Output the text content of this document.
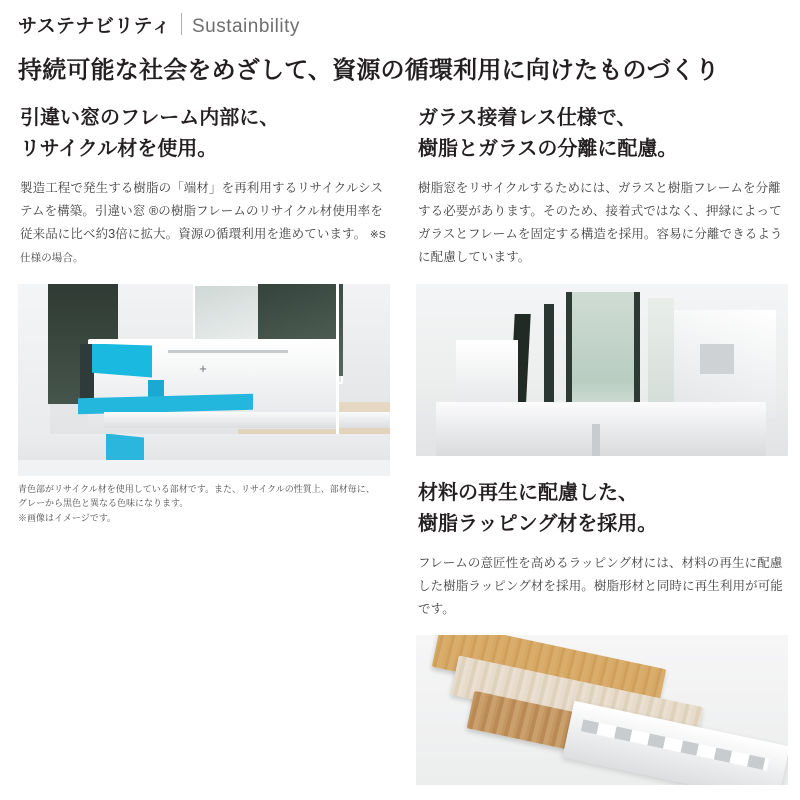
サステナビリティ Sustainbility
持続可能な社会をめざして、資源の循環利用に向けたものづくり
引違い窓のフレーム内部に、
リサイクル材を使用。

製造工程で発生する樹脂の「端材」を再利用するリサイクルシステムを構築。引違い窓 ®の樹脂フレームのリサイクル材使用率を従来品に比べ約3倍に拡大。資源の循環利用を進めています。 ※S仕様の場合。

+
青色部がリサイクル材を使用している部材です。また、リサイクルの性質上、部材毎に、
グレーから黒色と異なる色味になります。
※画像はイメージです。
ガラス接着レス仕様で、
樹脂とガラスの分離に配慮。

樹脂窓をリサイクルするためには、ガラスと樹脂フレームを分離する必要があります。そのため、接着式ではなく、押縁によってガラスとフレームを固定する構造を採用。容易に分離できるように配慮しています。

材料の再生に配慮した、
樹脂ラッピング材を採用。

フレームの意匠性を高めるラッピング材には、材料の再生に配慮した樹脂ラッピング材を採用。樹脂形材と同時に再生利用が可能です。
